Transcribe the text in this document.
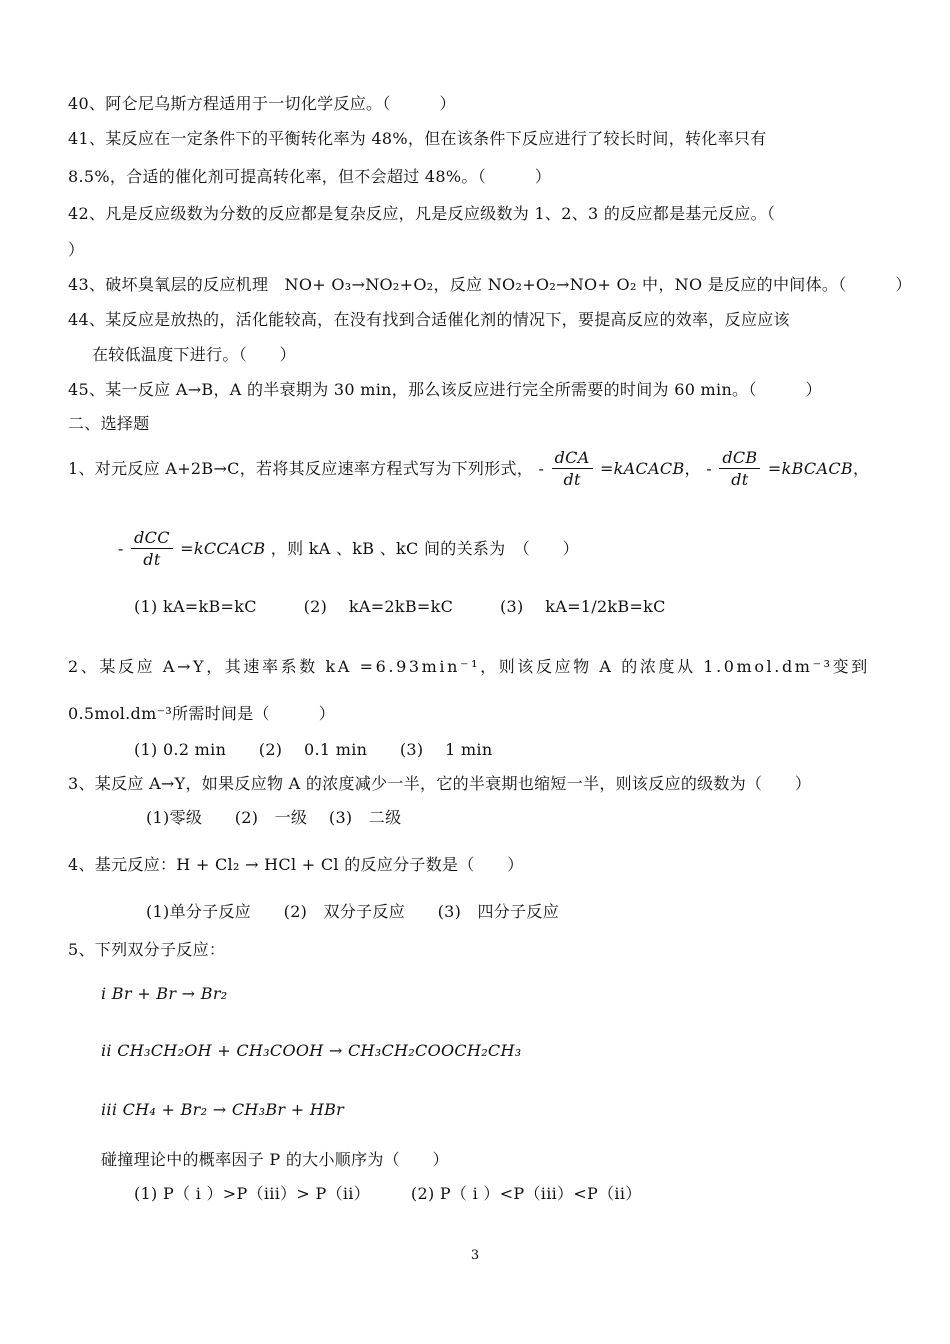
40、阿仑尼乌斯方程适用于一切化学反应。（　　　）
41、某反应在一定条件下的平衡转化率为 48%，但在该条件下反应进行了较长时间，转化率只有
8.5%，合适的催化剂可提高转化率，但不会超过 48%。（　　　）
42、凡是反应级数为分数的反应都是复杂反应，凡是反应级数为 1、2、3 的反应都是基元反应。（
）
43、破坏臭氧层的反应机理　NO+ O₃→NO₂+O₂，反应 NO₂+O₂→NO+ O₂ 中，NO 是反应的中间体。（　　　）
44、某反应是放热的，活化能较高，在没有找到合适催化剂的情况下，要提高反应的效率，反应应该
在较低温度下进行。（　　）
45、某一反应 A→B，A 的半衰期为 30 min，那么该反应进行完全所需要的时间为 60 min。（　　　）
二、选择题
1、对元反应 A+2B→C，若将其反应速率方程式写为下列形式， - $\frac{\text{dCA}}{dt}$ =kACACB， - $\frac{\text{dCB}}{dt}$ =kBCACB，
- $\frac{\text{dCC}}{dt}$ =kCCACB ，则 kA 、kB 、kC 间的关系为　（　　）
(1) kA=kB=kC	(2)　 kA=2kB=kC	(3)　 kA=1/2kB=kC
2、某反应 A→Y，其速率系数 kA =6.93min⁻¹，则该反应物 A 的浓度从 1.0mol.dm⁻³变到
0.5mol.dm⁻³所需时间是（　　　）
(1) 0.2 min　　(2)　 0.1 min　　(3)　 1 min
3、某反应 A→Y，如果反应物 A 的浓度减少一半，它的半衰期也缩短一半，则该反应的级数为（　　）
(1)零级　　(2)　一级　 (3)　二级
4、基元反应：H + Cl₂ → HCl + Cl 的反应分子数是（　　）
(1)单分子反应　　(2)　双分子反应　　(3)　四分子反应
5、下列双分子反应：
i Br + Br → Br₂
ii CH₃CH₂OH + CH₃COOH → CH₃CH₂COOCH₂CH₃
iii CH₄ + Br₂ → CH₃Br + HBr
碰撞理论中的概率因子 P 的大小顺序为（　　）
(1) P（ i ）>P（iii）> P（ii）　　　(2) P（ i ）<P（iii）<P（ii）
3
